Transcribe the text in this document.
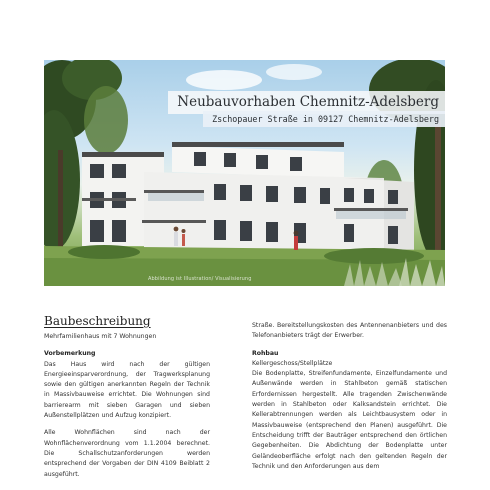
Neubauvorhaben Chemnitz-Adelsberg
Zschopauer Straße in 09127 Chemnitz-Adelsberg
Abbildung ist Illustration/ Visualisierung

Baubeschreibung

Mehrfamilienhaus mit 7 Wohnungen

Vorbemerkung

Das Haus wird nach der gültigen Energieeinsparverordnung, der Tragwerksplanung sowie den gültigen anerkannten Regeln der Technik in Massivbauweise errichtet. Die Wohnungen sind barrierearm mit sieben Garagen und sieben Außenstellplätzen und Aufzug konzipiert.

Alle Wohnflächen sind nach der Wohnflächenverordnung vom 1.1.2004 berechnet. Die Schallschutzanforderungen werden entsprechend der Vorgaben der DIN 4109 Beiblatt 2 ausgeführt.

Straße. Bereitstellungskosten des Antennenanbieters und des Telefonanbieters trägt der Erwerber.

Rohbau

Kellergeschoss/Stellplätze

Die Bodenplatte, Streifenfundamente, Einzelfundamente und Außenwände werden in Stahlbeton gemäß statischen Erfordernissen hergestellt. Alle tragenden Zwischenwände werden in Stahlbeton oder Kalksandstein errichtet. Die Kellerabtrennungen werden als Leichtbausystem oder in Massivbauweise (entsprechend den Planen) ausgeführt. Die Entscheidung trifft der Bauträger entsprechend den örtlichen Gegebenheiten. Die Abdichtung der Bodenplatte unter Geländeoberfläche erfolgt nach den geltenden Regeln der Technik und den Anforderungen aus dem
